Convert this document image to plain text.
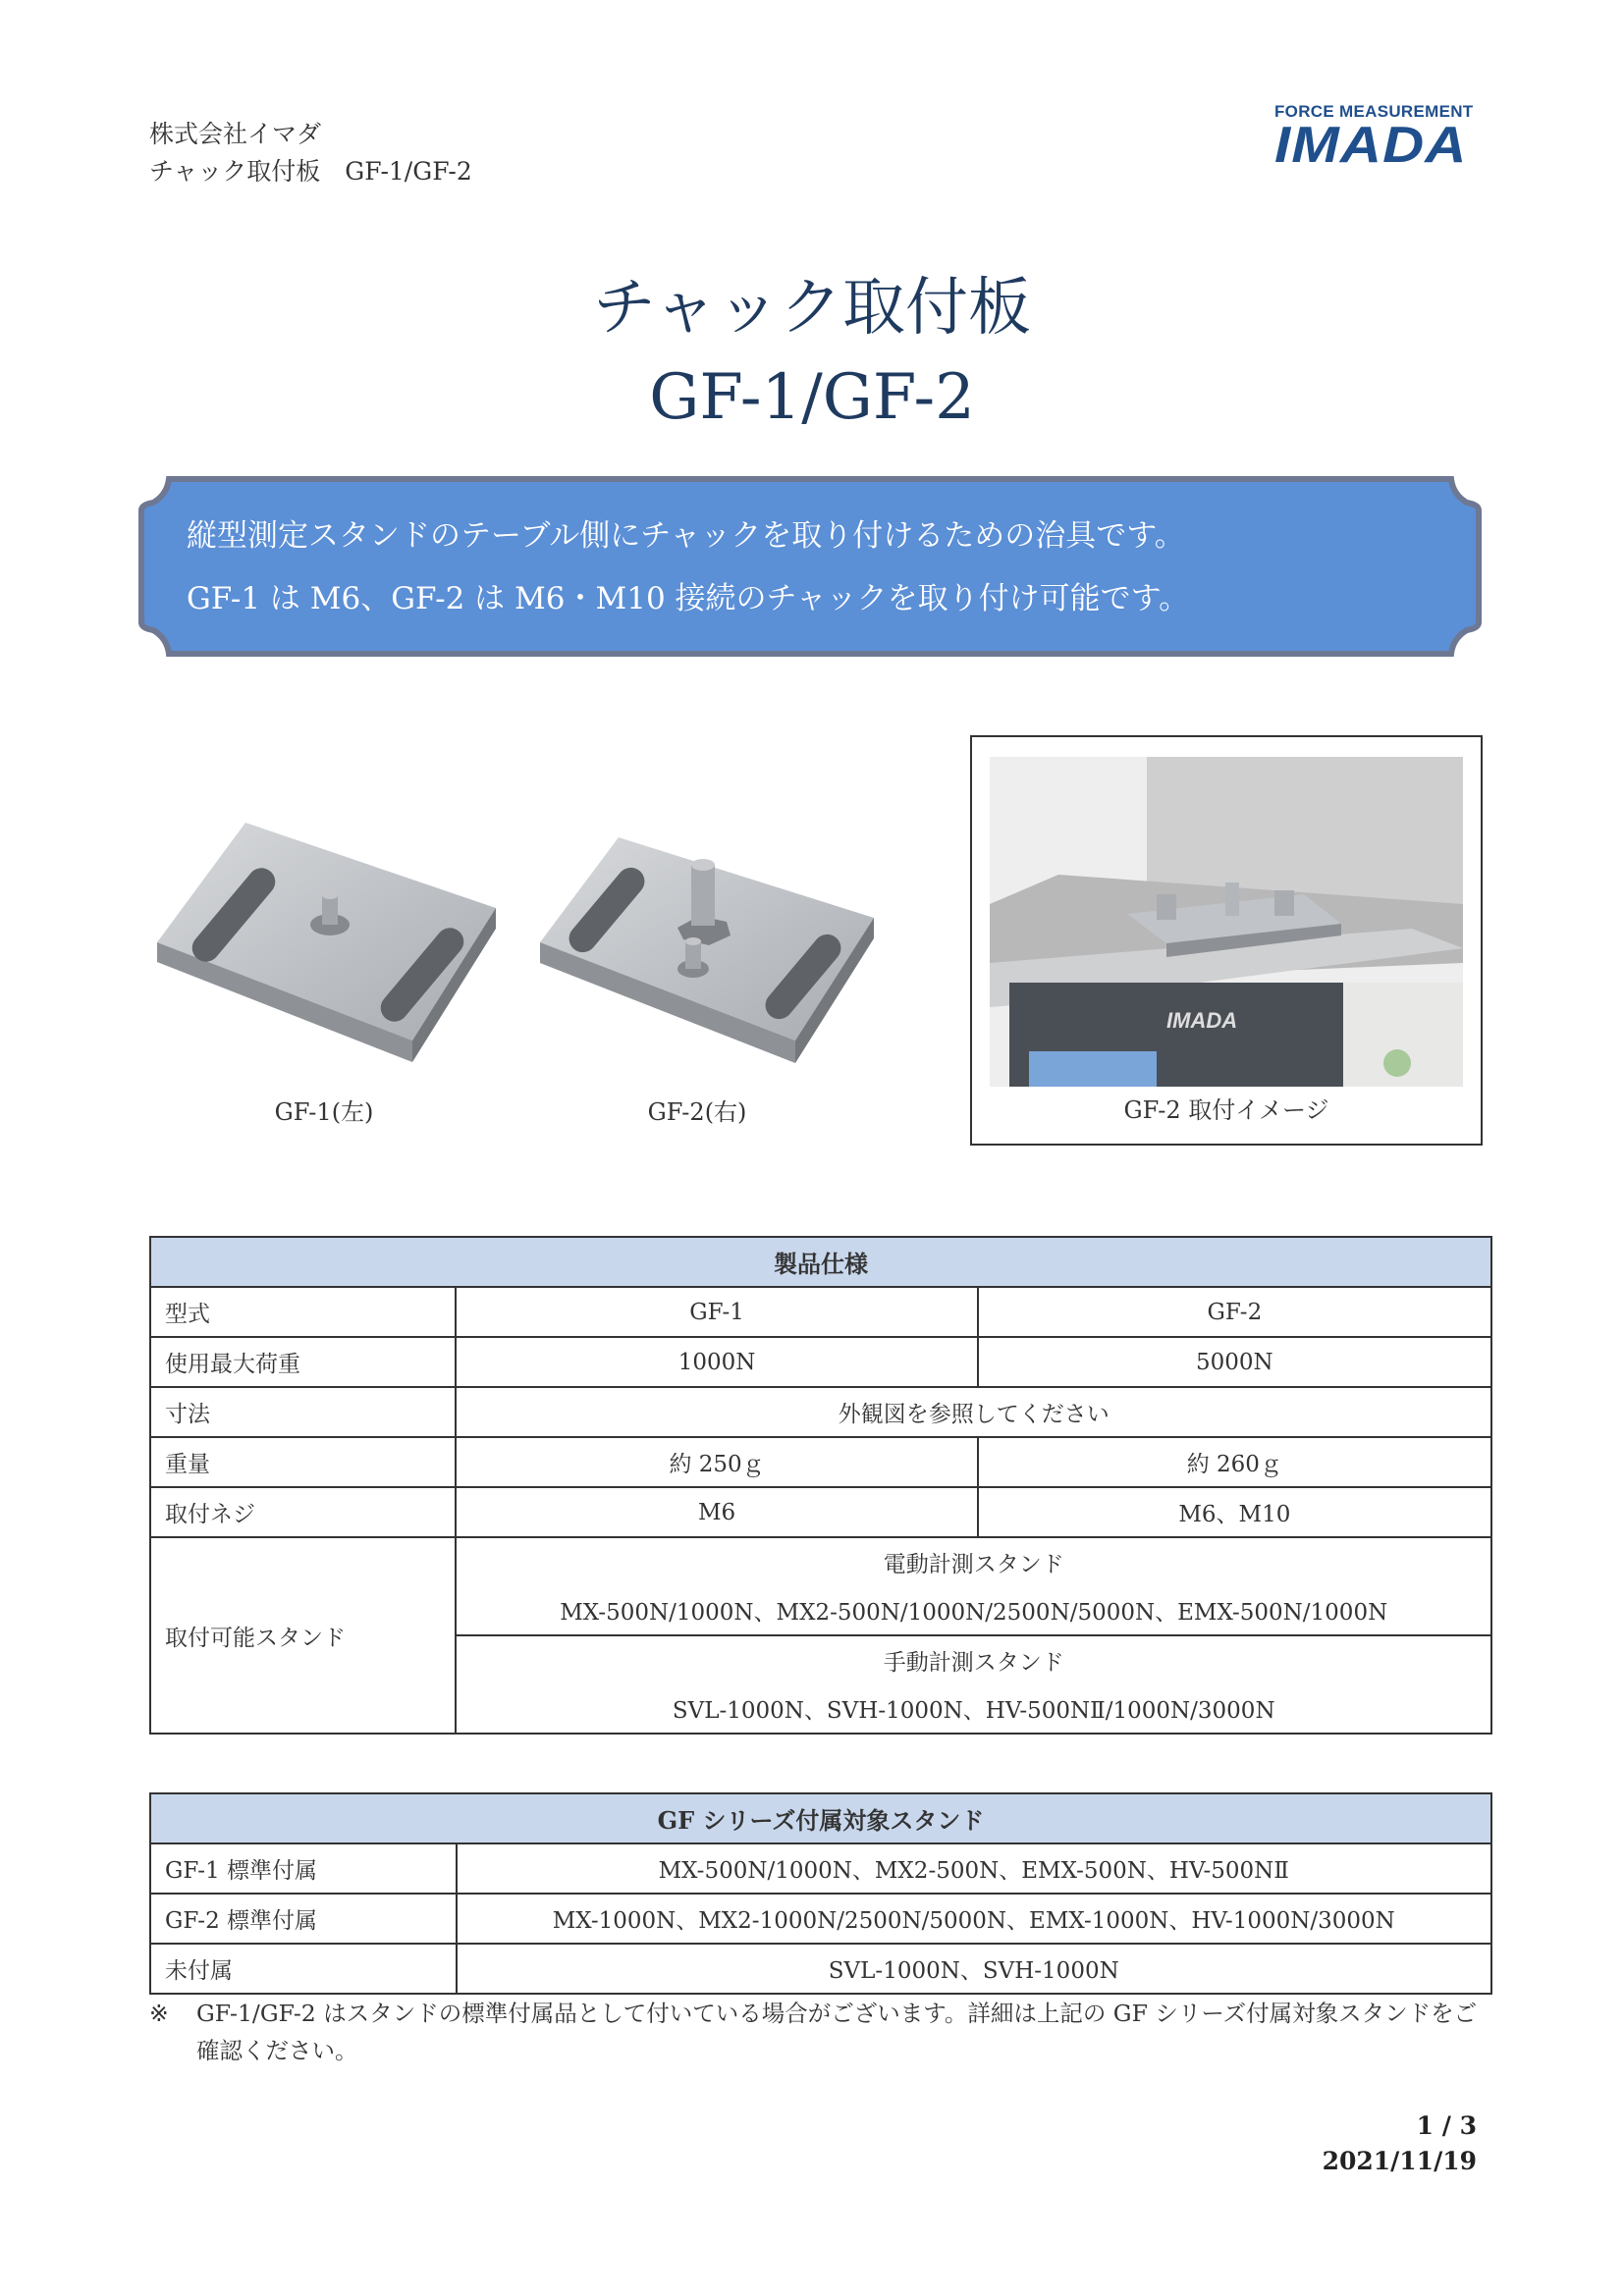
株式会社イマダ
チャック取付板　GF-1/GF-2
FORCE MEASUREMENT
IMADA
チャック取付板
GF-1/GF-2
縦型測定スタンドのテーブル側にチャックを取り付けるための治具です。
GF-1 は M6、GF-2 は M6・M10 接続のチャックを取り付け可能です。
GF-1(左)	GF-2(右)
IMADA
GF-2 取付イメージ
製品仕様		
型式	GF-1	GF-2
使用最大荷重	1000N	5000N
寸法	外観図を参照してください	
重量	約 250ｇ	約 260ｇ
取付ネジ	M6	M6、M10
取付可能スタンド	電動計測スタンド	
	MX-500N/1000N、MX2-500N/1000N/2500N/5000N、EMX-500N/1000N	
	手動計測スタンド	
	SVL-1000N、SVH-1000N、HV-500NⅡ/1000N/3000N	
GF シリーズ付属対象スタンド	
GF-1 標準付属	MX-500N/1000N、MX2-500N、EMX-500N、HV-500NⅡ
GF-2 標準付属	MX-1000N、MX2-1000N/2500N/5000N、EMX-1000N、HV-1000N/3000N
未付属	SVL-1000N、SVH-1000N
※ GF-1/GF-2 はスタンドの標準付属品として付いている場合がございます。詳細は上記の GF シリーズ付属対象スタンドをご確認ください。
1 / 3
2021/11/19
